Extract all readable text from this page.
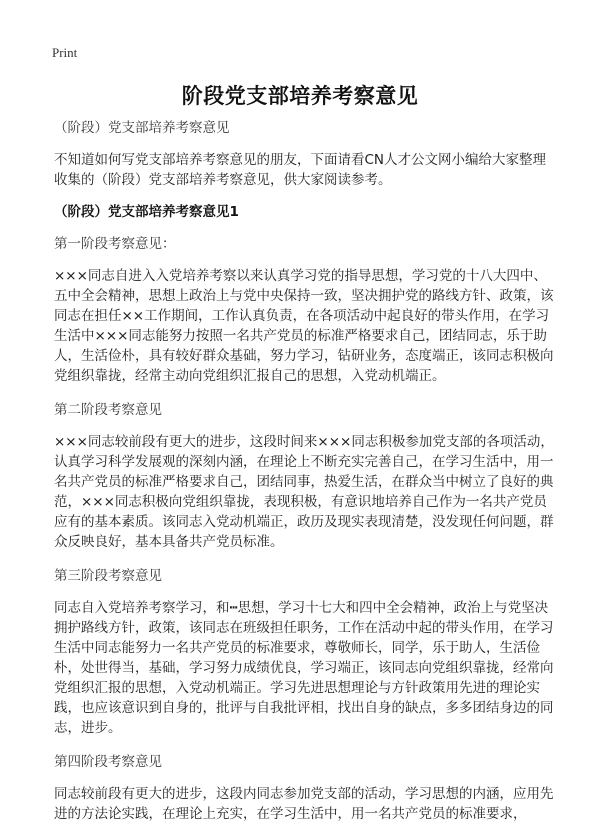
Print
阶段党支部培养考察意见

（阶段）党支部培养考察意见

不知道如何写党支部培养考察意见的朋友，下面请看CN人才公文网小编给大家整理收集的（阶段）党支部培养考察意见，供大家阅读参考。

（阶段）党支部培养考察意见1

第一阶段考察意见：

×××同志自进入入党培养考察以来认真学习党的指导思想，学习党的十八大四中、五中全会精神，思想上政治上与党中央保持一致，坚决拥护党的路线方针、政策，该同志在担任××工作期间，工作认真负责，在各项活动中起良好的带头作用，在学习生活中×××同志能努力按照一名共产党员的标准严格要求自己，团结同志，乐于助人，生活俭朴，具有较好群众基础，努力学习，钻研业务，态度端正，该同志积极向党组织靠拢，经常主动向党组织汇报自己的思想，入党动机端正。

第二阶段考察意见

×××同志较前段有更大的进步，这段时间来×××同志积极参加党支部的各项活动，认真学习科学发展观的深刻内涵，在理论上不断充实完善自己，在学习生活中，用一名共产党员的标准严格要求自己，团结同事，热爱生活，在群众当中树立了良好的典范，×××同志积极向党组织靠拢，表现积极，有意识地培养自己作为一名共产党员应有的基本素质。该同志入党动机端正，政历及现实表现清楚，没发现任何问题，群众反映良好，基本具备共产党员标准。

第三阶段考察意见

同志自入党培养考察学习，和┅思想，学习十七大和四中全会精神，政治上与党坚决拥护路线方针，政策，该同志在班级担任职务，工作在活动中起的带头作用，在学习生活中同志能努力一名共产党员的标准要求，尊敬师长，同学，乐于助人，生活俭朴，处世得当，基础，学习努力成绩优良，学习端正，该同志向党组织靠拢，经常向党组织汇报的思想，入党动机端正。学习先进思想理论与方针政策用先进的理论实践，也应该意识到自身的，批评与自我批评相，找出自身的缺点，多多团结身边的同志，进步。

第四阶段考察意见

同志较前段有更大的进步，这段内同志参加党支部的活动，学习思想的内涵，应用先进的方法论实践，在理论上充实，在学习生活中，用一名共产党员的标准要求，
